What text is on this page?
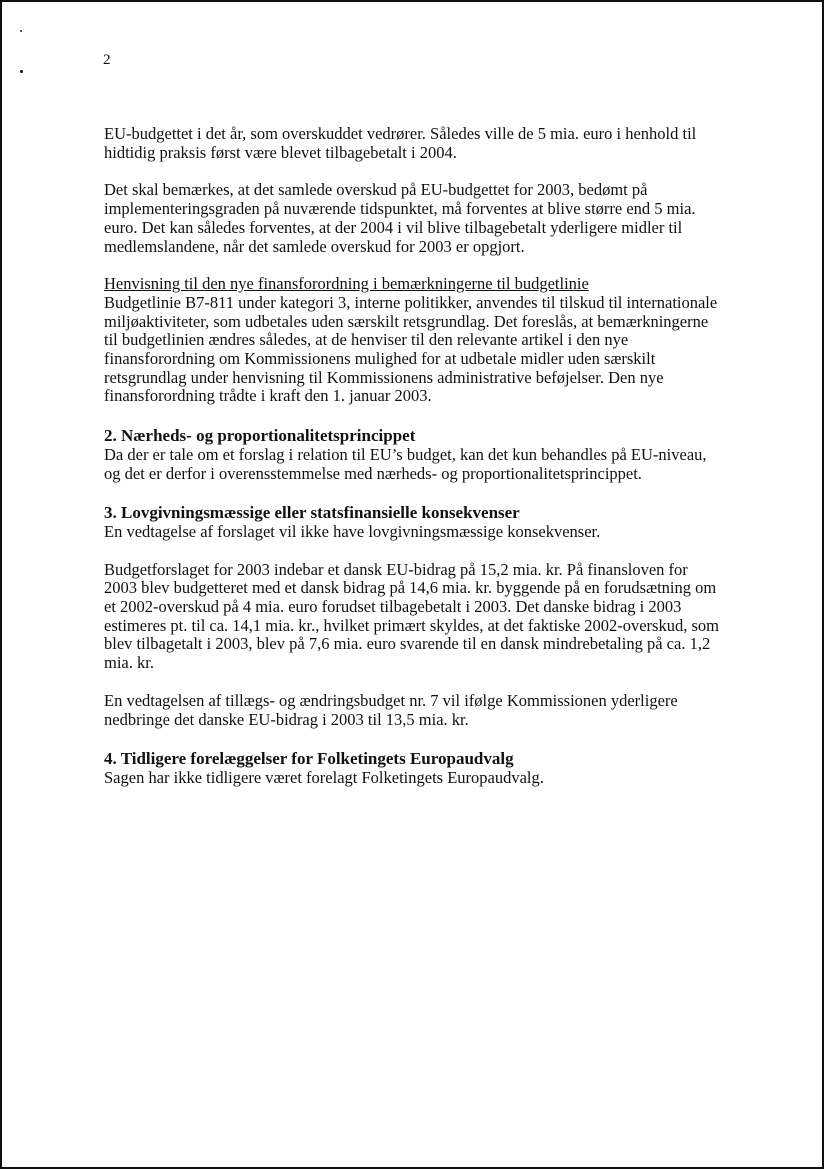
2

EU-budgettet i det år, som overskuddet vedrører. Således ville de 5 mia. euro i henhold til hidtidig praksis først være blevet tilbagebetalt i 2004.

Det skal bemærkes, at det samlede overskud på EU-budgettet for 2003, bedømt på implementeringsgraden på nuværende tidspunktet, må forventes at blive større end 5 mia. euro. Det kan således forventes, at der 2004 i vil blive tilbagebetalt yderligere midler til medlemslandene, når det samlede overskud for 2003 er opgjort.

Henvisning til den nye finansforordning i bemærkningerne til budgetlinie

Budgetlinie B7-811 under kategori 3, interne politikker, anvendes til tilskud til internationale miljøaktiviteter, som udbetales uden særskilt retsgrundlag. Det foreslås, at bemærkningerne til budgetlinien ændres således, at de henviser til den relevante artikel i den nye finansforordning om Kommissionens mulighed for at udbetale midler uden særskilt retsgrundlag under henvisning til Kommissionens administrative beføjelser. Den nye finansforordning trådte i kraft den 1. januar 2003.

2. Nærheds- og proportionalitetsprincippet

Da der er tale om et forslag i relation til EU’s budget, kan det kun behandles på EU-niveau, og det er derfor i overensstemmelse med nærheds- og proportionalitetsprincippet.

3. Lovgivningsmæssige eller statsfinansielle konsekvenser

En vedtagelse af forslaget vil ikke have lovgivningsmæssige konsekvenser.

Budgetforslaget for 2003 indebar et dansk EU-bidrag på 15,2 mia. kr. På finansloven for 2003 blev budgetteret med et dansk bidrag på 14,6 mia. kr. byggende på en forudsætning om et 2002-overskud på 4 mia. euro forudset tilbagebetalt i 2003. Det danske bidrag i 2003 estimeres pt. til ca. 14,1 mia. kr., hvilket primært skyldes, at det faktiske 2002-overskud, som blev tilbagetalt i 2003, blev på 7,6 mia. euro svarende til en dansk mindrebetaling på ca. 1,2 mia. kr.

En vedtagelsen af tillægs- og ændringsbudget nr. 7 vil ifølge Kommissionen yderligere nedbringe det danske EU-bidrag i 2003 til 13,5 mia. kr.

4. Tidligere forelæggelser for Folketingets Europaudvalg

Sagen har ikke tidligere været forelagt Folketingets Europaudvalg.
